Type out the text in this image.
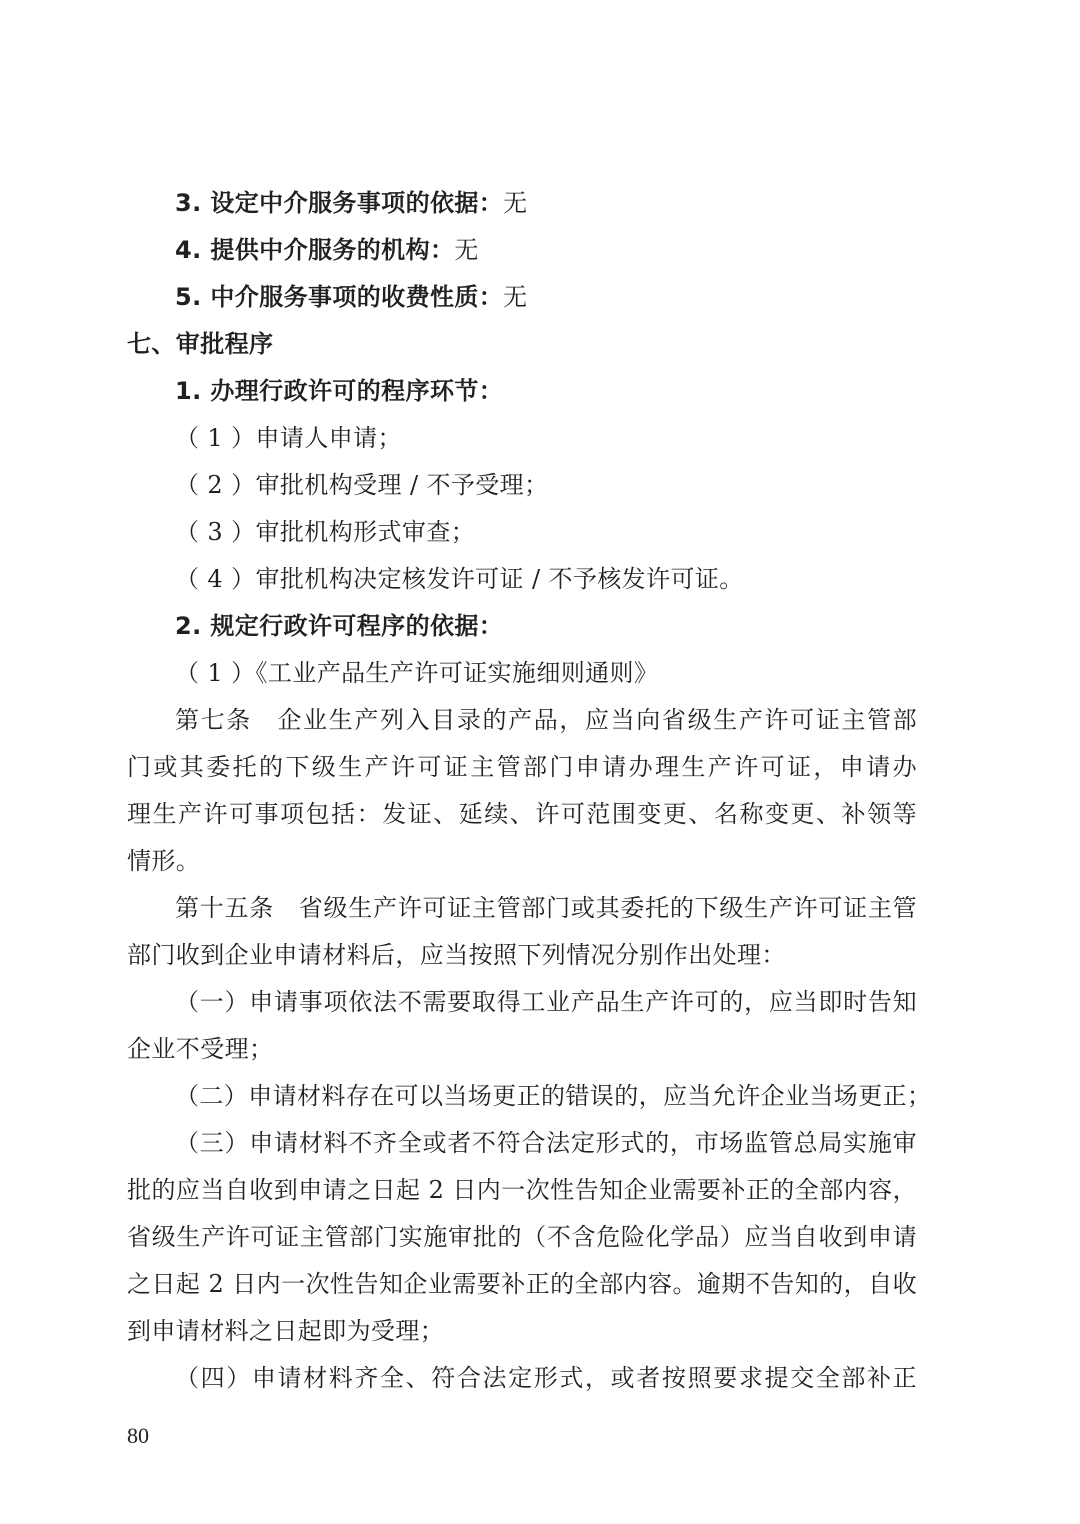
3. 设定中介服务事项的依据：无
4. 提供中介服务的机构：无
5. 中介服务事项的收费性质：无
七、审批程序
1. 办理行政许可的程序环节：
（ 1 ）申请人申请；
（ 2 ）审批机构受理 / 不予受理；
（ 3 ）审批机构形式审查；
（ 4 ）审批机构决定核发许可证 / 不予核发许可证。
2. 规定行政许可程序的依据：
（ 1 ）《工业产品生产许可证实施细则通则》
第七条　企业生产列入目录的产品，应当向省级生产许可证主管部
门或其委托的下级生产许可证主管部门申请办理生产许可证，申请办
理生产许可事项包括：发证、延续、许可范围变更、名称变更、补领等
情形。
第十五条　省级生产许可证主管部门或其委托的下级生产许可证主管
部门收到企业申请材料后，应当按照下列情况分别作出处理：
（一）申请事项依法不需要取得工业产品生产许可的，应当即时告知
企业不受理；
（二）申请材料存在可以当场更正的错误的，应当允许企业当场更正；
（三）申请材料不齐全或者不符合法定形式的，市场监管总局实施审
批的应当自收到申请之日起 2 日内一次性告知企业需要补正的全部内容，
省级生产许可证主管部门实施审批的（不含危险化学品）应当自收到申请
之日起 2 日内一次性告知企业需要补正的全部内容。逾期不告知的，自收
到申请材料之日起即为受理；
（四）申请材料齐全、符合法定形式，或者按照要求提交全部补正
80
